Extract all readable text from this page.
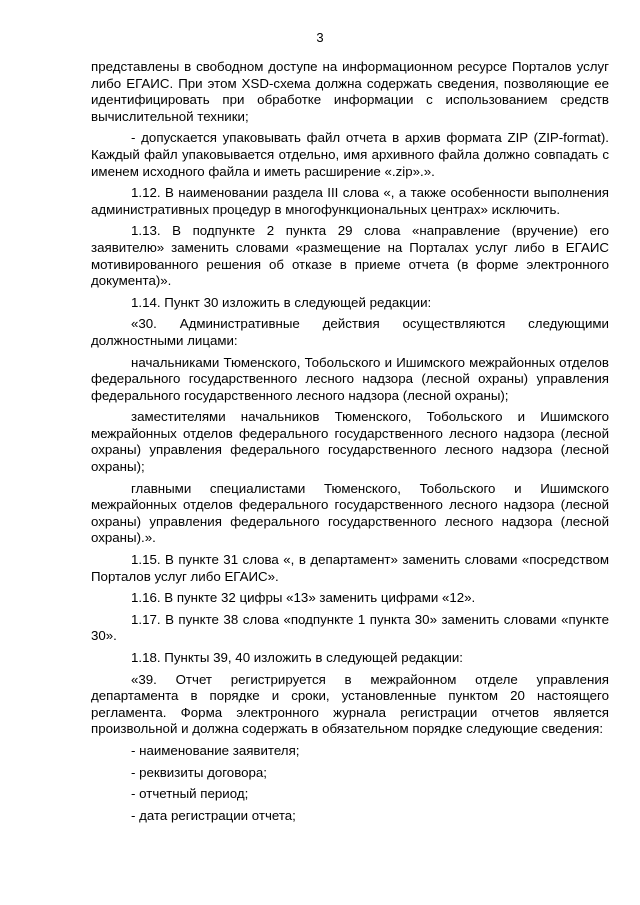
3

представлены в свободном доступе на информационном ресурсе Порталов услуг либо ЕГАИС. При этом XSD-схема должна содержать сведения, позволяющие ее идентифицировать при обработке информации с использованием средств вычислительной техники;

- допускается упаковывать файл отчета в архив формата ZIP (ZIP-format). Каждый файл упаковывается отдельно, имя архивного файла должно совпадать с именем исходного файла и иметь расширение «.zip».».

1.12. В наименовании раздела III слова «, а также особенности выполнения административных процедур в многофункциональных центрах» исключить.

1.13. В подпункте 2 пункта 29 слова «направление (вручение) его заявителю» заменить словами «размещение на Порталах услуг либо в ЕГАИС мотивированного решения об отказе в приеме отчета (в форме электронного документа)».

1.14. Пункт 30 изложить в следующей редакции:

«30. Административные действия осуществляются следующими должностными лицами:

начальниками Тюменского, Тобольского и Ишимского межрайонных отделов федерального государственного лесного надзора (лесной охраны) управления федерального государственного лесного надзора (лесной охраны);

заместителями начальников Тюменского, Тобольского и Ишимского межрайонных отделов федерального государственного лесного надзора (лесной охраны) управления федерального государственного лесного надзора (лесной охраны);

главными специалистами Тюменского, Тобольского и Ишимского межрайонных отделов федерального государственного лесного надзора (лесной охраны) управления федерального государственного лесного надзора (лесной охраны).».

1.15. В пункте 31 слова «, в департамент» заменить словами «посредством Порталов услуг либо ЕГАИС».

1.16. В пункте 32 цифры «13» заменить цифрами «12».

1.17. В пункте 38 слова «подпункте 1 пункта 30» заменить словами «пункте 30».

1.18. Пункты 39, 40 изложить в следующей редакции:

«39. Отчет регистрируется в межрайонном отделе управления департамента в порядке и сроки, установленные пунктом 20 настоящего регламента. Форма электронного журнала регистрации отчетов является произвольной и должна содержать в обязательном порядке следующие сведения:

- наименование заявителя;

- реквизиты договора;

- отчетный период;

- дата регистрации отчета;
